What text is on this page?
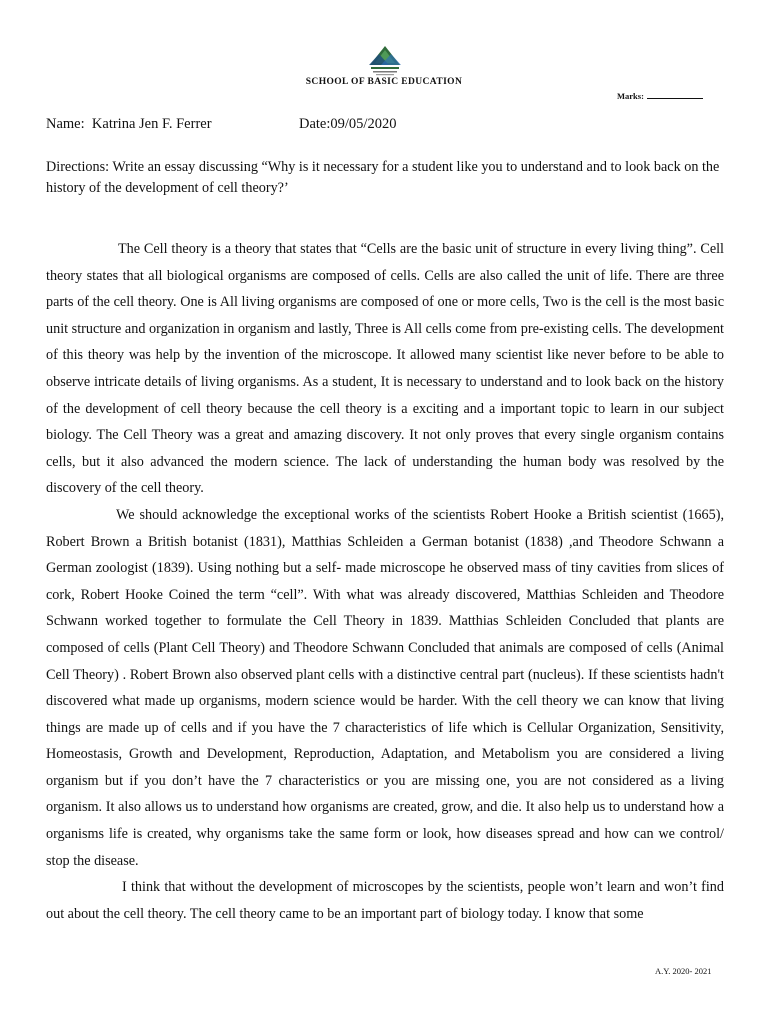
SCHOOL OF BASIC EDUCATION
Marks:
Name: Katrina Jen F. Ferrer	Date:09/05/2020
Directions: Write an essay discussing “Why is it necessary for a student like you to understand and to look back on the history of the development of cell theory?’

The Cell theory is a theory that states that “Cells are the basic unit of structure in every living thing”. Cell theory states that all biological organisms are composed of cells. Cells are also called the unit of life. There are three parts of the cell theory. One is All living organisms are composed of one or more cells, Two is the cell is the most basic unit structure and organization in organism and lastly, Three is All cells come from pre-existing cells. The development of this theory was help by the invention of the microscope. It allowed many scientist like never before to be able to observe intricate details of living organisms. As a student, It is necessary to understand and to look back on the history of the development of cell theory because the cell theory is a exciting and a important topic to learn in our subject biology. The Cell Theory was a great and amazing discovery. It not only proves that every single organism contains cells, but it also advanced the modern science. The lack of understanding the human body was resolved by the discovery of the cell theory.

We should acknowledge the exceptional works of the scientists Robert Hooke a British scientist (1665), Robert Brown a British botanist (1831), Matthias Schleiden a German botanist (1838) ,and Theodore Schwann a German zoologist (1839). Using nothing but a self- made microscope he observed mass of tiny cavities from slices of cork, Robert Hooke Coined the term “cell”. With what was already discovered, Matthias Schleiden and Theodore Schwann worked together to formulate the Cell Theory in 1839. Matthias Schleiden Concluded that plants are composed of cells (Plant Cell Theory) and Theodore Schwann Concluded that animals are composed of cells (Animal Cell Theory) . Robert Brown also observed plant cells with a distinctive central part (nucleus). If these scientists hadn't discovered what made up organisms, modern science would be harder. With the cell theory we can know that living things are made up of cells and if you have the 7 characteristics of life which is Cellular Organization, Sensitivity, Homeostasis, Growth and Development, Reproduction, Adaptation, and Metabolism you are considered a living organism but if you don’t have the 7 characteristics or you are missing one, you are not considered as a living organism. It also allows us to understand how organisms are created, grow, and die. It also help us to understand how a organisms life is created, why organisms take the same form or look, how diseases spread and how can we control/ stop the disease.

I think that without the development of microscopes by the scientists, people won’t learn and won’t find out about the cell theory. The cell theory came to be an important part of biology today. I know that some

A.Y. 2020- 2021
